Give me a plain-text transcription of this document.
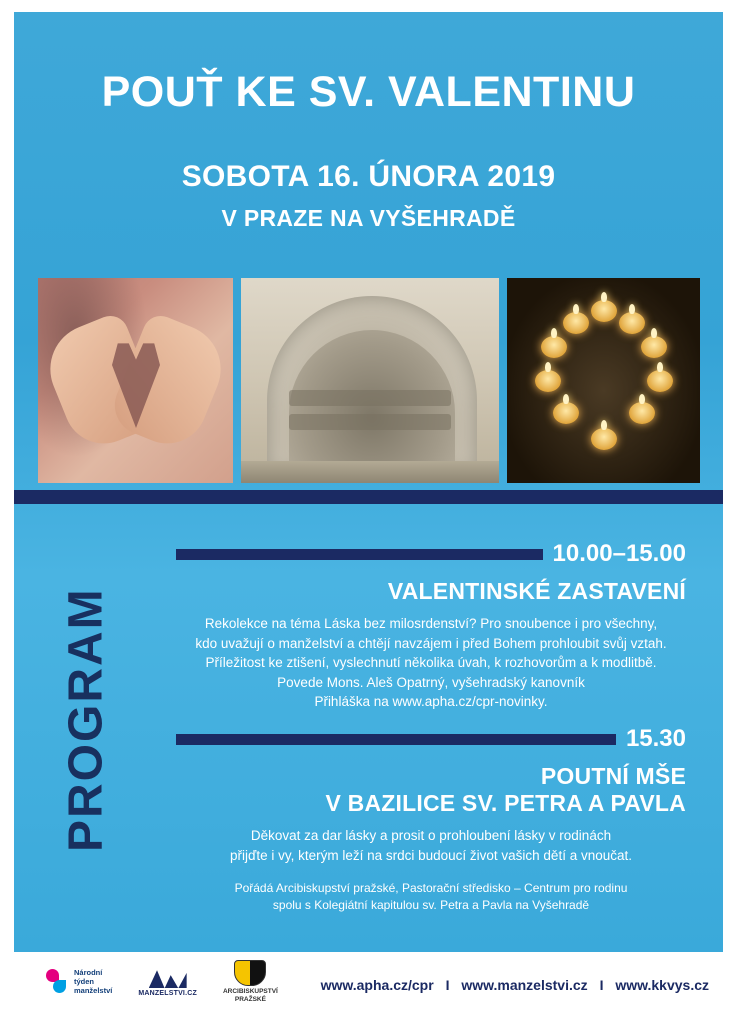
POUŤ KE SV. VALENTINU
SOBOTA 16. ÚNORA 2019
V PRAZE NA VYŠEHRADĚ
PROGRAM
10.00–15.00
VALENTINSKÉ ZASTAVENÍ
Rekolekce na téma Láska bez milosrdenství? Pro snoubence i pro všechny,
kdo uvažují o manželství a chtějí navzájem i před Bohem prohloubit svůj vztah.
Příležitost ke ztišení, vyslechnutí několika úvah, k rozhovorům a k modlitbě.
Povede Mons. Aleš Opatrný, vyšehradský kanovník
Přihláška na www.apha.cz/cpr-novinky.
15.30
POUTNÍ MŠE
V BAZILICE SV. PETRA A PAVLA
Děkovat za dar lásky a prosit o prohloubení lásky v rodinách
přijďte i vy, kterým leží na srdci budoucí život vašich dětí a vnoučat.
Pořádá Arcibiskupství pražské, Pastorační středisko – Centrum pro rodinu
spolu s Kolegiátní kapitulou sv. Petra a Pavla na Vyšehradě
Národní
týden
manželství	MANZELSTVI.CZ	ARCIBISKUPSTVÍ
PRAŽSKÉ
www.apha.cz/cpr I www.manzelstvi.cz I www.kkvys.cz
